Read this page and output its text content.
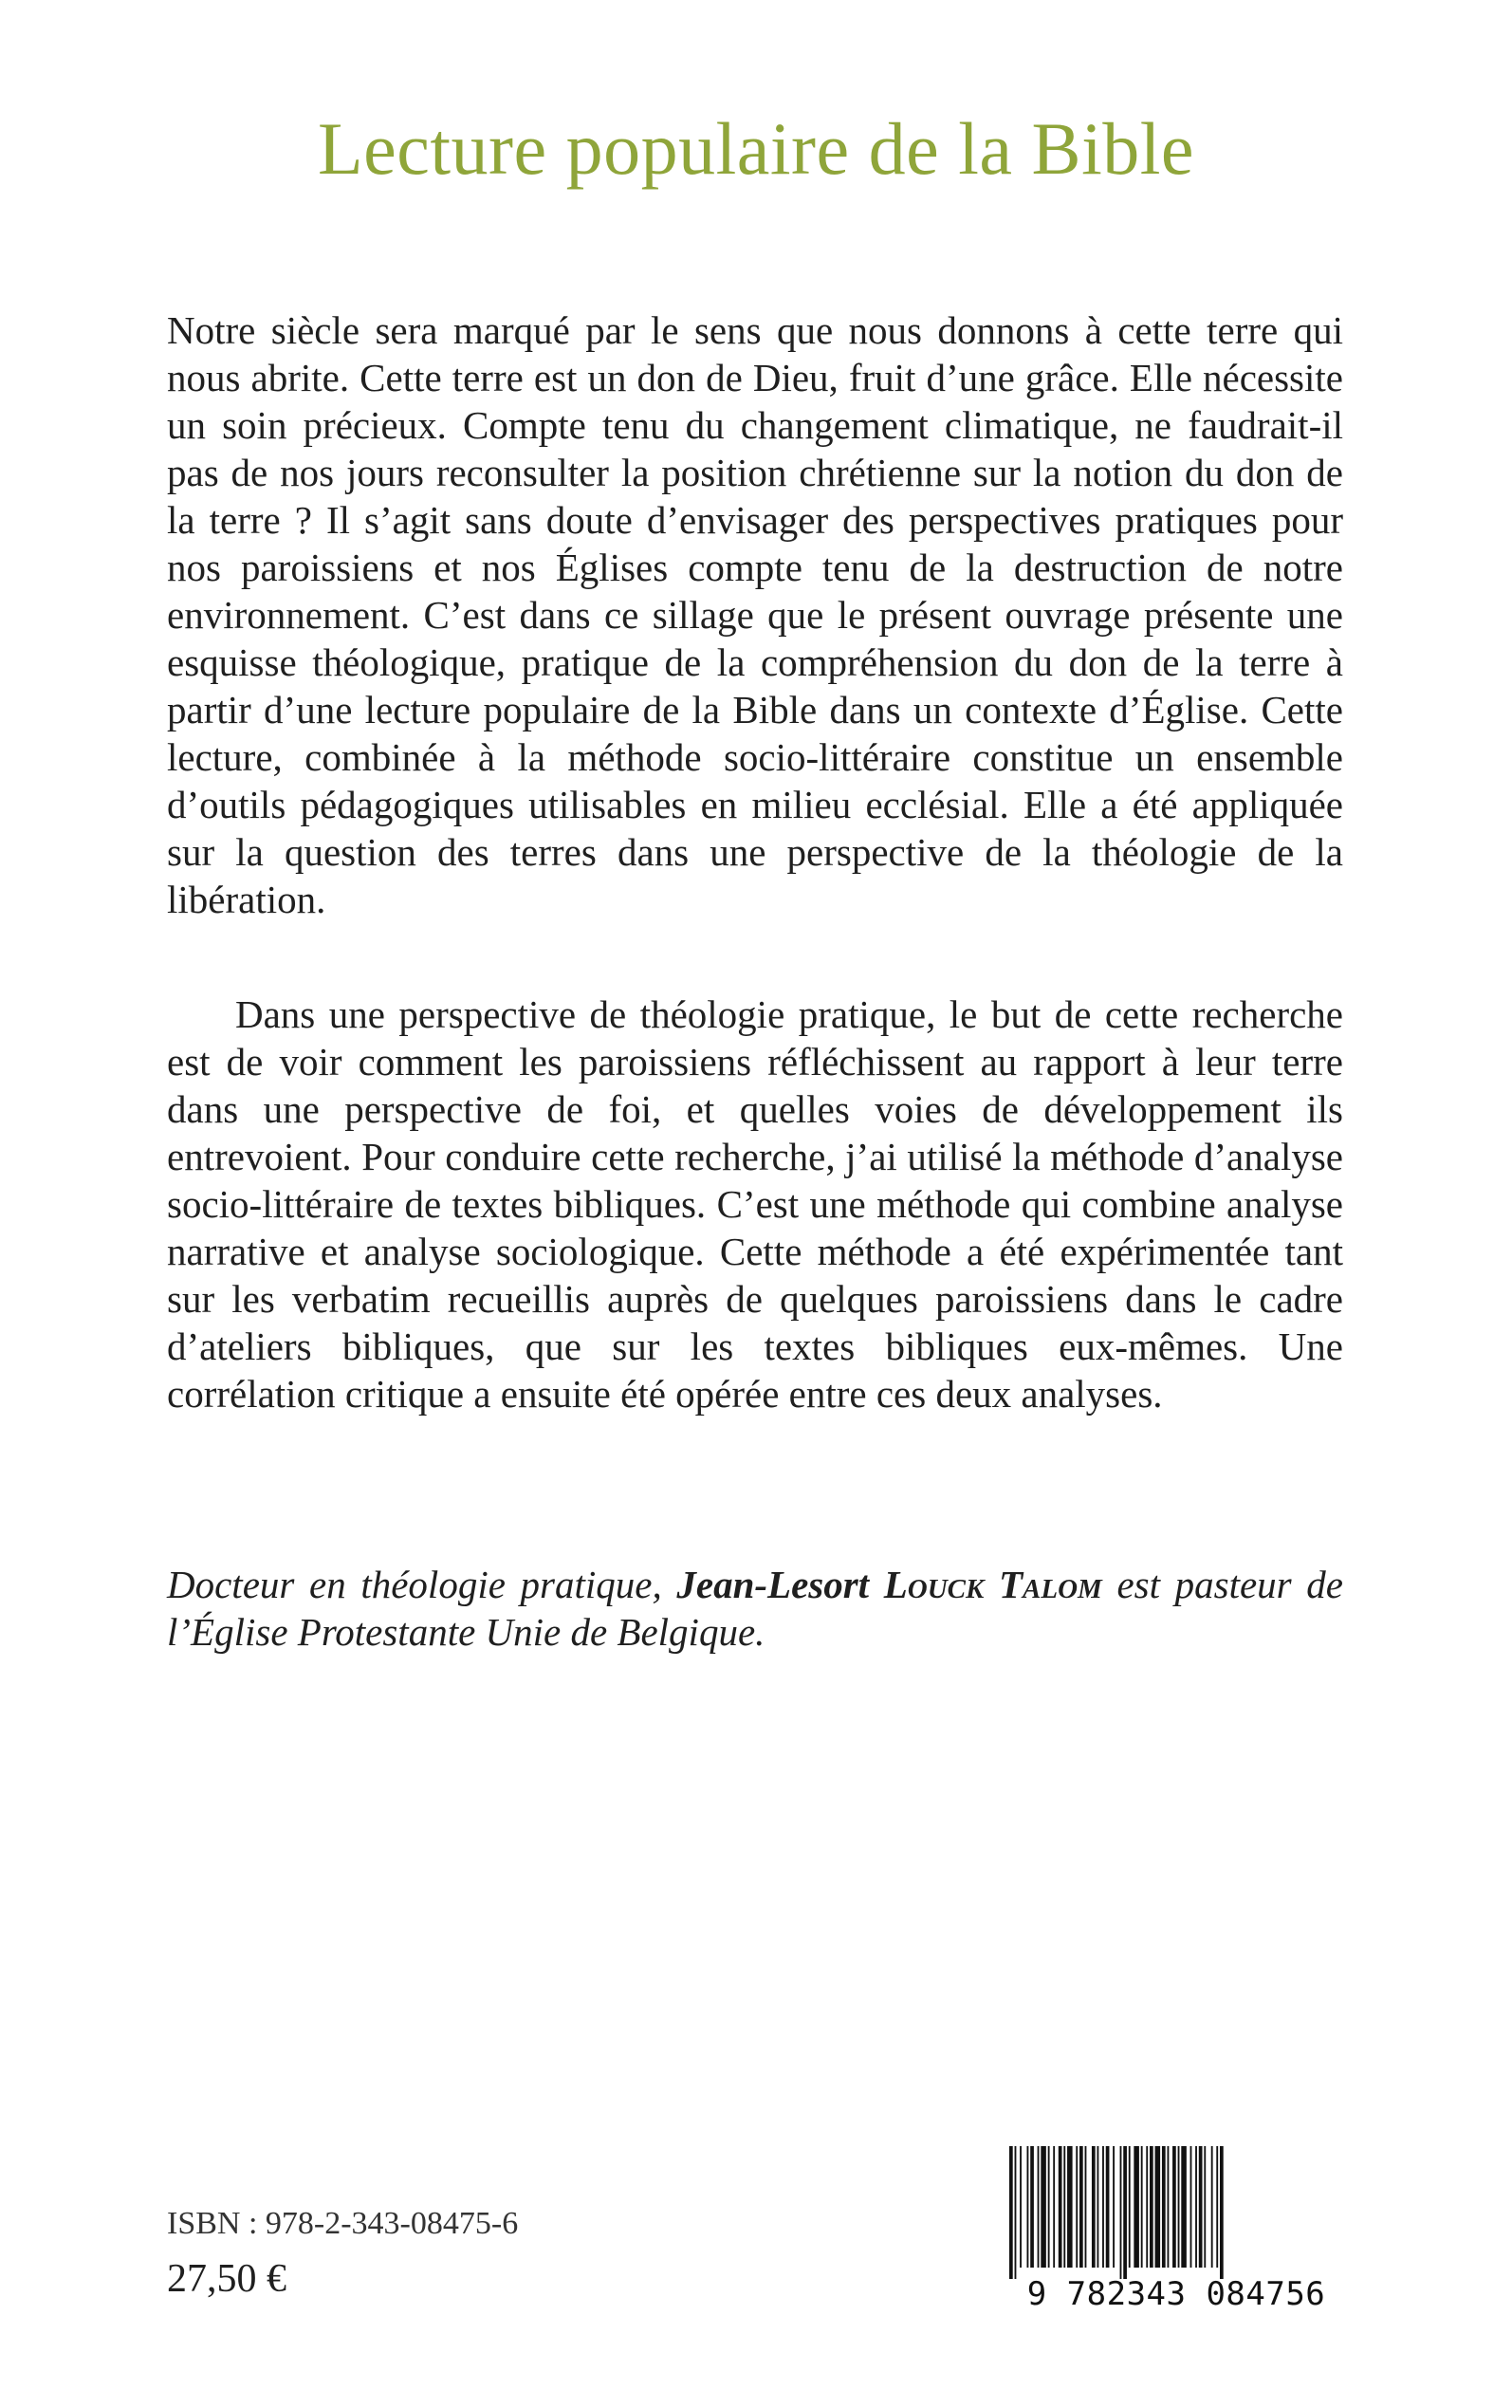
Lecture populaire de la Bible

Notre siècle sera marqué par le sens que nous donnons à cette terre qui nous abrite. Cette terre est un don de Dieu, fruit d’une grâce. Elle nécessite un soin précieux. Compte tenu du changement climatique, ne faudrait-il pas de nos jours reconsulter la position chrétienne sur la notion du don de la terre ? Il s’agit sans doute d’envisager des perspectives pratiques pour nos paroissiens et nos Églises compte tenu de la destruction de notre environnement. C’est dans ce sillage que le présent ouvrage présente une esquisse théologique, pratique de la compréhension du don de la terre à partir d’une lecture populaire de la Bible dans un contexte d’Église. Cette lecture, combinée à la méthode socio-littéraire constitue un ensemble d’outils pédagogiques utilisables en milieu ecclésial. Elle a été appliquée sur la question des terres dans une perspective de la théologie de la libération.

Dans une perspective de théologie pratique, le but de cette recherche est de voir comment les paroissiens réfléchissent au rapport à leur terre dans une perspective de foi, et quelles voies de développement ils entrevoient. Pour conduire cette recherche, j’ai utilisé la méthode d’analyse socio-littéraire de textes bibliques. C’est une méthode qui combine analyse narrative et analyse sociologique. Cette méthode a été expérimentée tant sur les verbatim recueillis auprès de quelques paroissiens dans le cadre d’ateliers bibliques, que sur les textes bibliques eux-mêmes. Une corrélation critique a ensuite été opérée entre ces deux analyses.

Docteur en théologie pratique, Jean-Lesort Louck Talom est pasteur de l’Église Protestante Unie de Belgique.

ISBN : 978-2-343-08475-6
27,50 €	9 782343 084756
